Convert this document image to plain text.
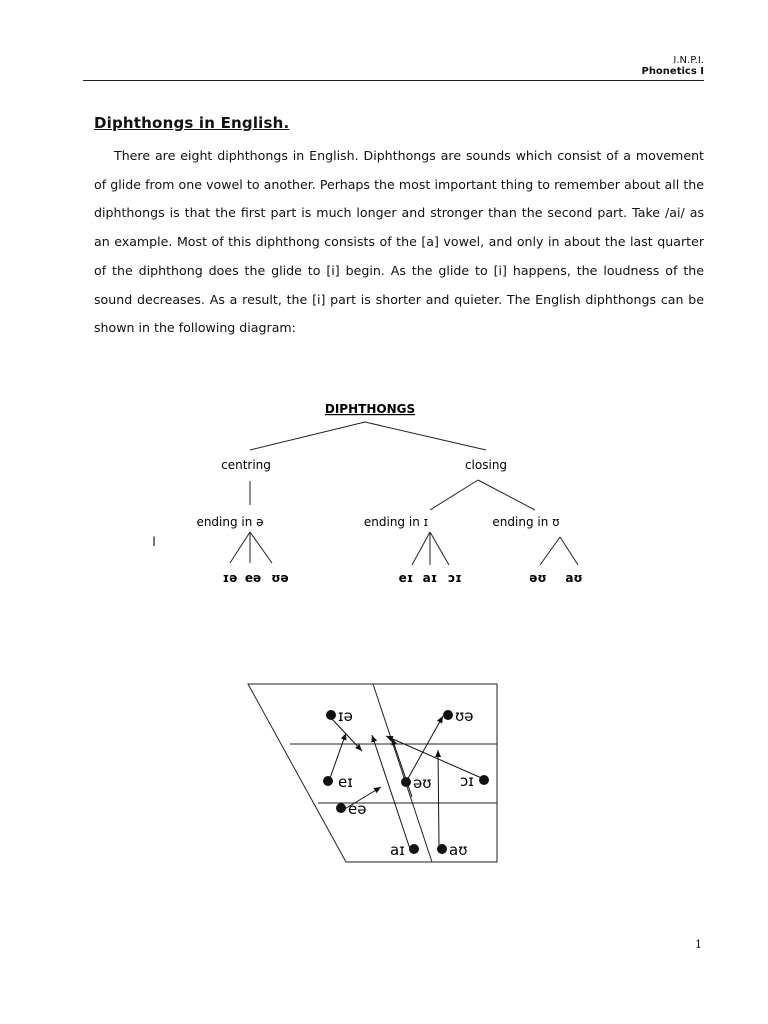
I.N.P.I.
Phonetics I
Diphthongs in English.

There are eight diphthongs in English. Diphthongs are sounds which consist of a movement of glide from one vowel to another. Perhaps the most important thing to remember about all the diphthongs is that the first part is much longer and stronger than the second part. Take /ai/ as an example. Most of this diphthong consists of the [a] vowel, and only in about the last quarter of the diphthong does the glide to [i] begin. As the glide to [i] happens, the loudness of the sound decreases. As a result, the [i] part is shorter and quieter. The English diphthongs can be shown in the following diagram:

DIPHTHONGS
centring	closing
ending in ə	ending in ɪ	ending in ʊ
l
ɪə eə ʊə	eɪ aɪ ɔɪ	əʊ aʊ
ɪə	ʊə
eɪ	əʊ ɔɪ
eə
aɪ	aʊ
1
